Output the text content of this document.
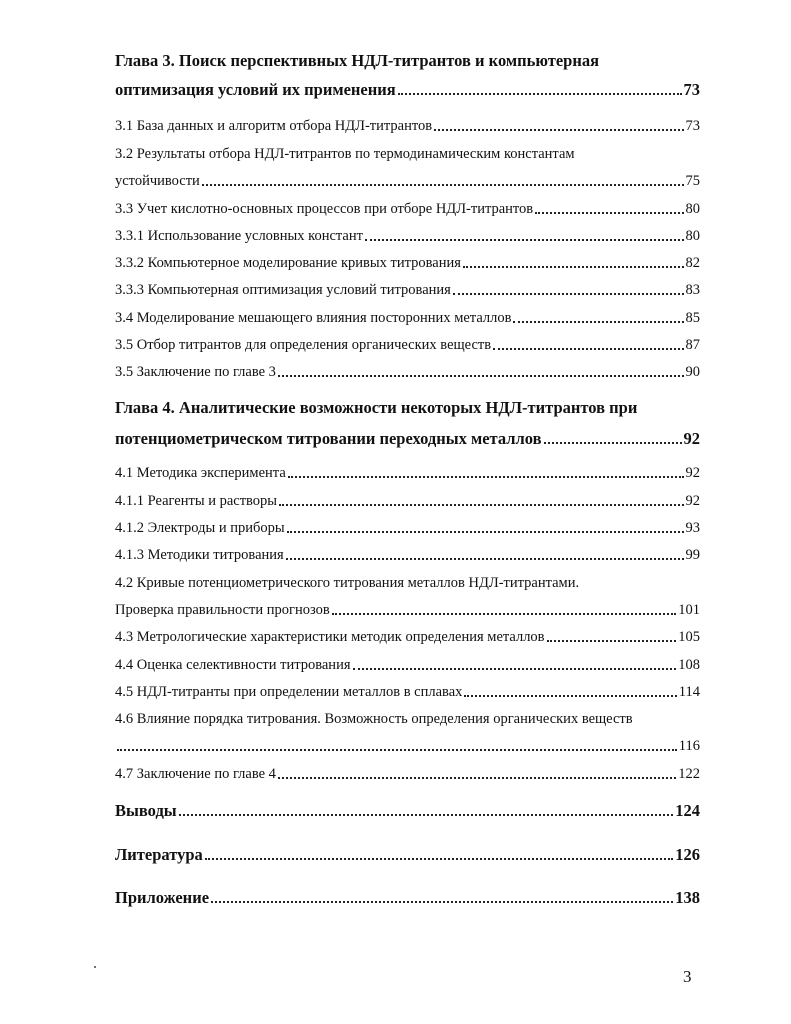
Глава 3. Поиск перспективных НДЛ-титрантов и компьютерная
оптимизация условий их применения	73
3.1 База данных и алгоритм отбора НДЛ-титрантов	73
3.2 Результаты отбора НДЛ-титрантов по термодинамическим константам
устойчивости	75
3.3 Учет кислотно-основных процессов при отборе НДЛ-титрантов	80
3.3.1 Использование условных констант	80
3.3.2 Компьютерное моделирование кривых титрования	82
3.3.3 Компьютерная оптимизация условий титрования	83
3.4 Моделирование мешающего влияния посторонних металлов	85
3.5 Отбор титрантов для определения органических веществ	87
3.5 Заключение по главе 3	90
Глава 4. Аналитические возможности некоторых НДЛ-титрантов при
потенциометрическом титровании переходных металлов	92
4.1 Методика эксперимента	92
4.1.1 Реагенты и растворы	92
4.1.2 Электроды и приборы	93
4.1.3 Методики титрования	99
4.2 Кривые потенциометрического титрования металлов НДЛ-титрантами.
Проверка правильности прогнозов	101
4.3 Метрологические характеристики методик определения металлов	105
4.4 Оценка селективности титрования	108
4.5 НДЛ-титранты при определении металлов в сплавах	114
4.6 Влияние порядка титрования. Возможность определения органических веществ
116
4.7 Заключение по главе 4	122
Выводы	124
Литература	126
Приложение	138
3
